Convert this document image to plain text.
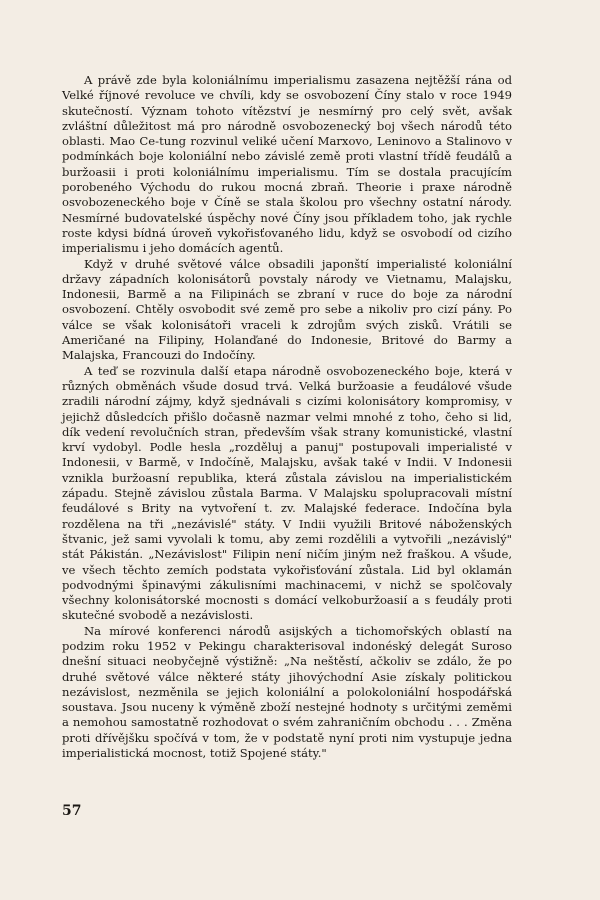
A právě zde byla koloniálnímu imperialismu zasazena nejtěžší rána od Velké říjnové revoluce ve chvíli, kdy se osvobození Číny stalo v roce 1949 skutečností. Význam tohoto vítězství je nesmírný pro celý svět, avšak zvláštní důležitost má pro národně osvobozenecký boj všech národů této oblasti. Mao Ce-tung rozvinul veliké učení Marxovo, Leninovo a Stalinovo v podmínkách boje koloniální nebo závislé země proti vlastní třídě feudálů a buržoasii i proti koloniálnímu imperialismu. Tím se dostala pracujícím porobeného Východu do rukou mocná zbraň. Theorie i praxe národně osvobozeneckého boje v Číně se stala školou pro všechny ostatní národy. Nesmírné budovatelské úspěchy nové Číny jsou příkladem toho, jak rychle roste kdysi bídná úroveň vykořisťovaného lidu, když se osvobodí od cizího imperialismu i jeho domácích agentů.

Když v druhé světové válce obsadili japonští imperialisté koloniální državy západních kolonisátorů povstaly národy ve Vietnamu, Malajsku, Indonesii, Barmě a na Filipinách se zbraní v ruce do boje za národní osvobození. Chtěly osvobodit své země pro sebe a nikoliv pro cizí pány. Po válce se však kolonisátoři vraceli k zdrojům svých zisků. Vrátili se Američané na Filipiny, Holanďané do Indonesie, Britové do Barmy a Malajska, Francouzi do Indočíny.

A teď se rozvinula další etapa národně osvobozeneckého boje, která v různých obměnách všude dosud trvá. Velká buržoasie a feudálové všude zradili národní zájmy, když sjednávali s cizími kolonisátory kompromisy, v jejichž důsledcích přišlo dočasně nazmar velmi mnohé z toho, čeho si lid, dík vedení revolučních stran, především však strany komunistické, vlastní krví vydobyl. Podle hesla „rozděluj a panuj" postupovali imperialisté v Indonesii, v Barmě, v Indočíně, Malajsku, avšak také v Indii. V Indonesii vznikla buržoasní republika, která zůstala závislou na imperialistickém západu. Stejně závislou zůstala Barma. V Malajsku spolupracovali místní feudálové s Brity na vytvoření t. zv. Malajské federace. Indočína byla rozdělena na tři „nezávislé" státy. V Indii využili Britové náboženských štvanic, jež sami vyvolali k tomu, aby zemi rozdělili a vytvořili „nezávislý" stát Pákistán. „Nezávislost" Filipin není ničím jiným než fraškou. A všude, ve všech těchto zemích podstata vykořisťování zůstala. Lid byl oklamán podvodnými špinavými zákulisními machinacemi, v nichž se spolčovaly všechny kolonisátorské mocnosti s domácí velkoburžoasií a s feudály proti skutečné svobodě a nezávislosti.

Na mírové konferenci národů asijských a tichomořských oblastí na podzim roku 1952 v Pekingu charakterisoval indonéský delegát Suroso dnešní situaci neobyčejně výstižně: „Na neštěstí, ačkoliv se zdálo, že po druhé světové válce některé státy jihovýchodní Asie získaly politickou nezávislost, nezměnila se jejich koloniální a polokoloniální hospodářská soustava. Jsou nuceny k výměně zboží nestejné hodnoty s určitými zeměmi a nemohou samostatně rozhodovat o svém zahraničním obchodu . . . Změna proti dřívějšku spočívá v tom, že v podstatě nyní proti nim vystupuje jedna imperialistická mocnost, totiž Spojené státy."

57
